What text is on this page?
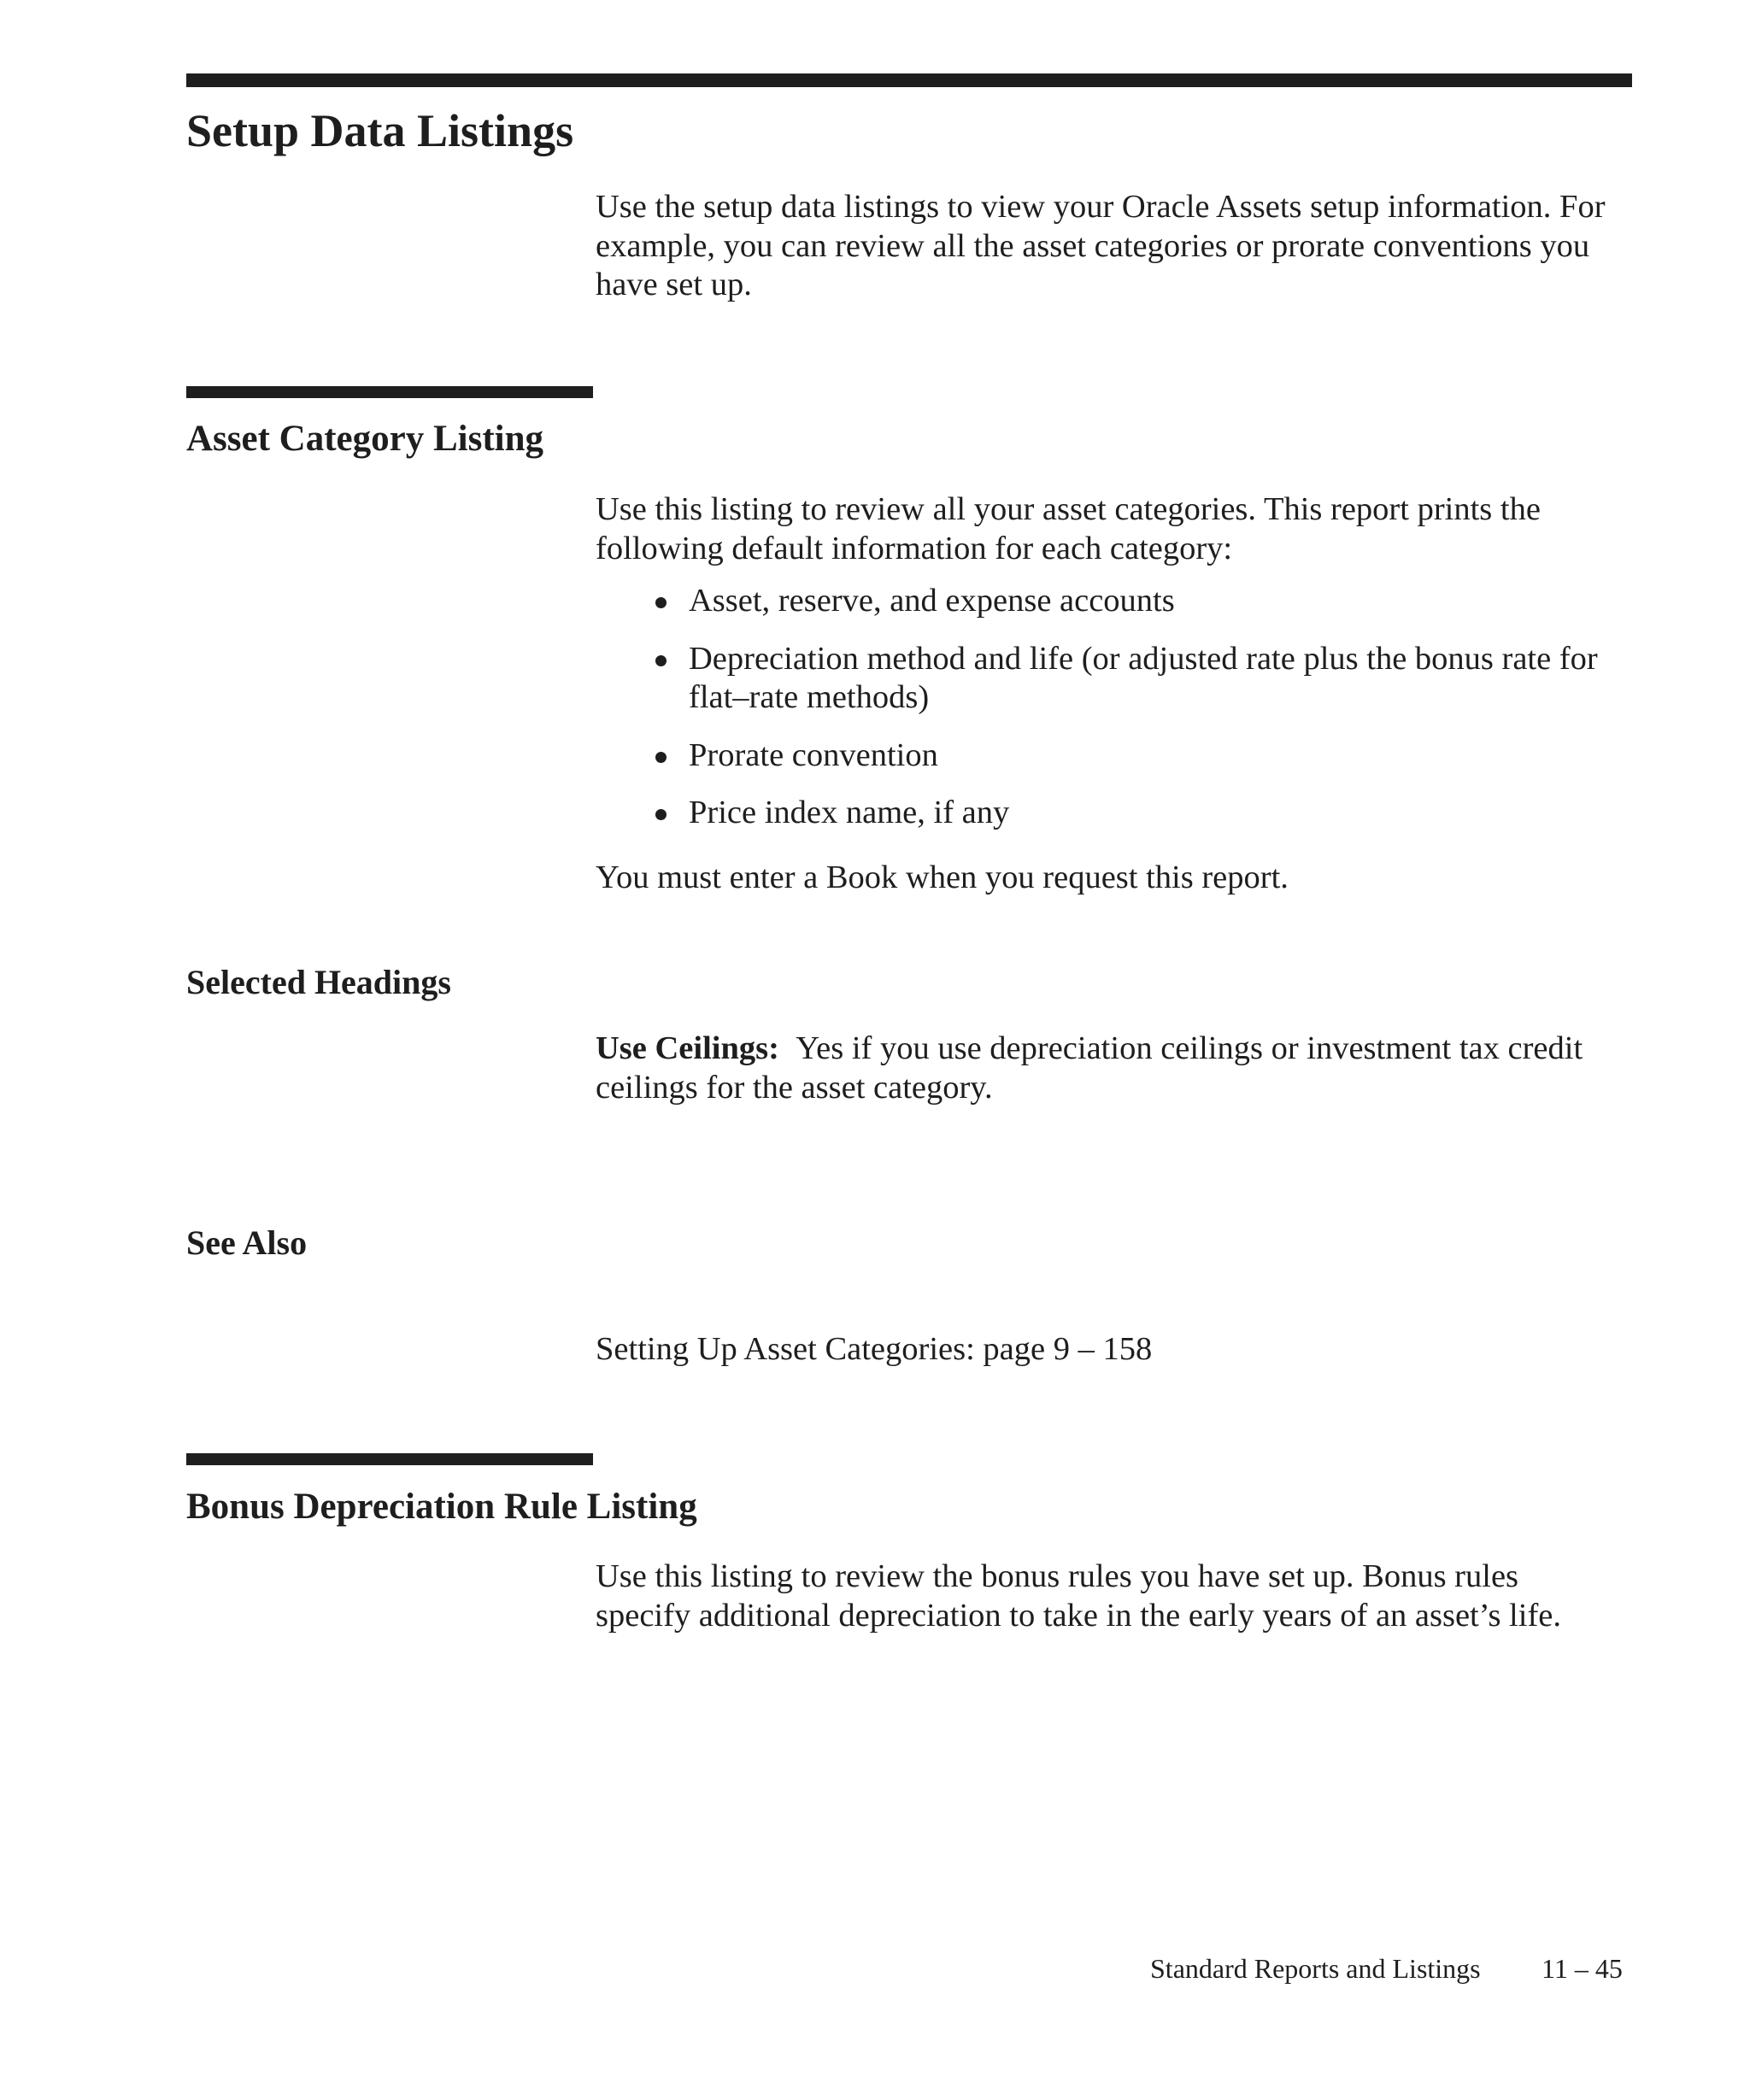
Setup Data Listings

Use the setup data listings to view your Oracle Assets setup information. For example, you can review all the asset categories or prorate conventions you have set up.

Asset Category Listing

Use this listing to review all your asset categories. This report prints the following default information for each category:

Asset, reserve, and expense accounts
Depreciation method and life (or adjusted rate plus the bonus rate for flat–rate methods)
Prorate convention
Price index name, if any

You must enter a Book when you request this report.

Selected Headings

Use Ceilings: Yes if you use depreciation ceilings or investment tax credit ceilings for the asset category.

See Also

Setting Up Asset Categories: page 9 – 158

Bonus Depreciation Rule Listing

Use this listing to review the bonus rules you have set up. Bonus rules specify additional depreciation to take in the early years of an asset’s life.

Standard Reports and Listings 11 – 45
